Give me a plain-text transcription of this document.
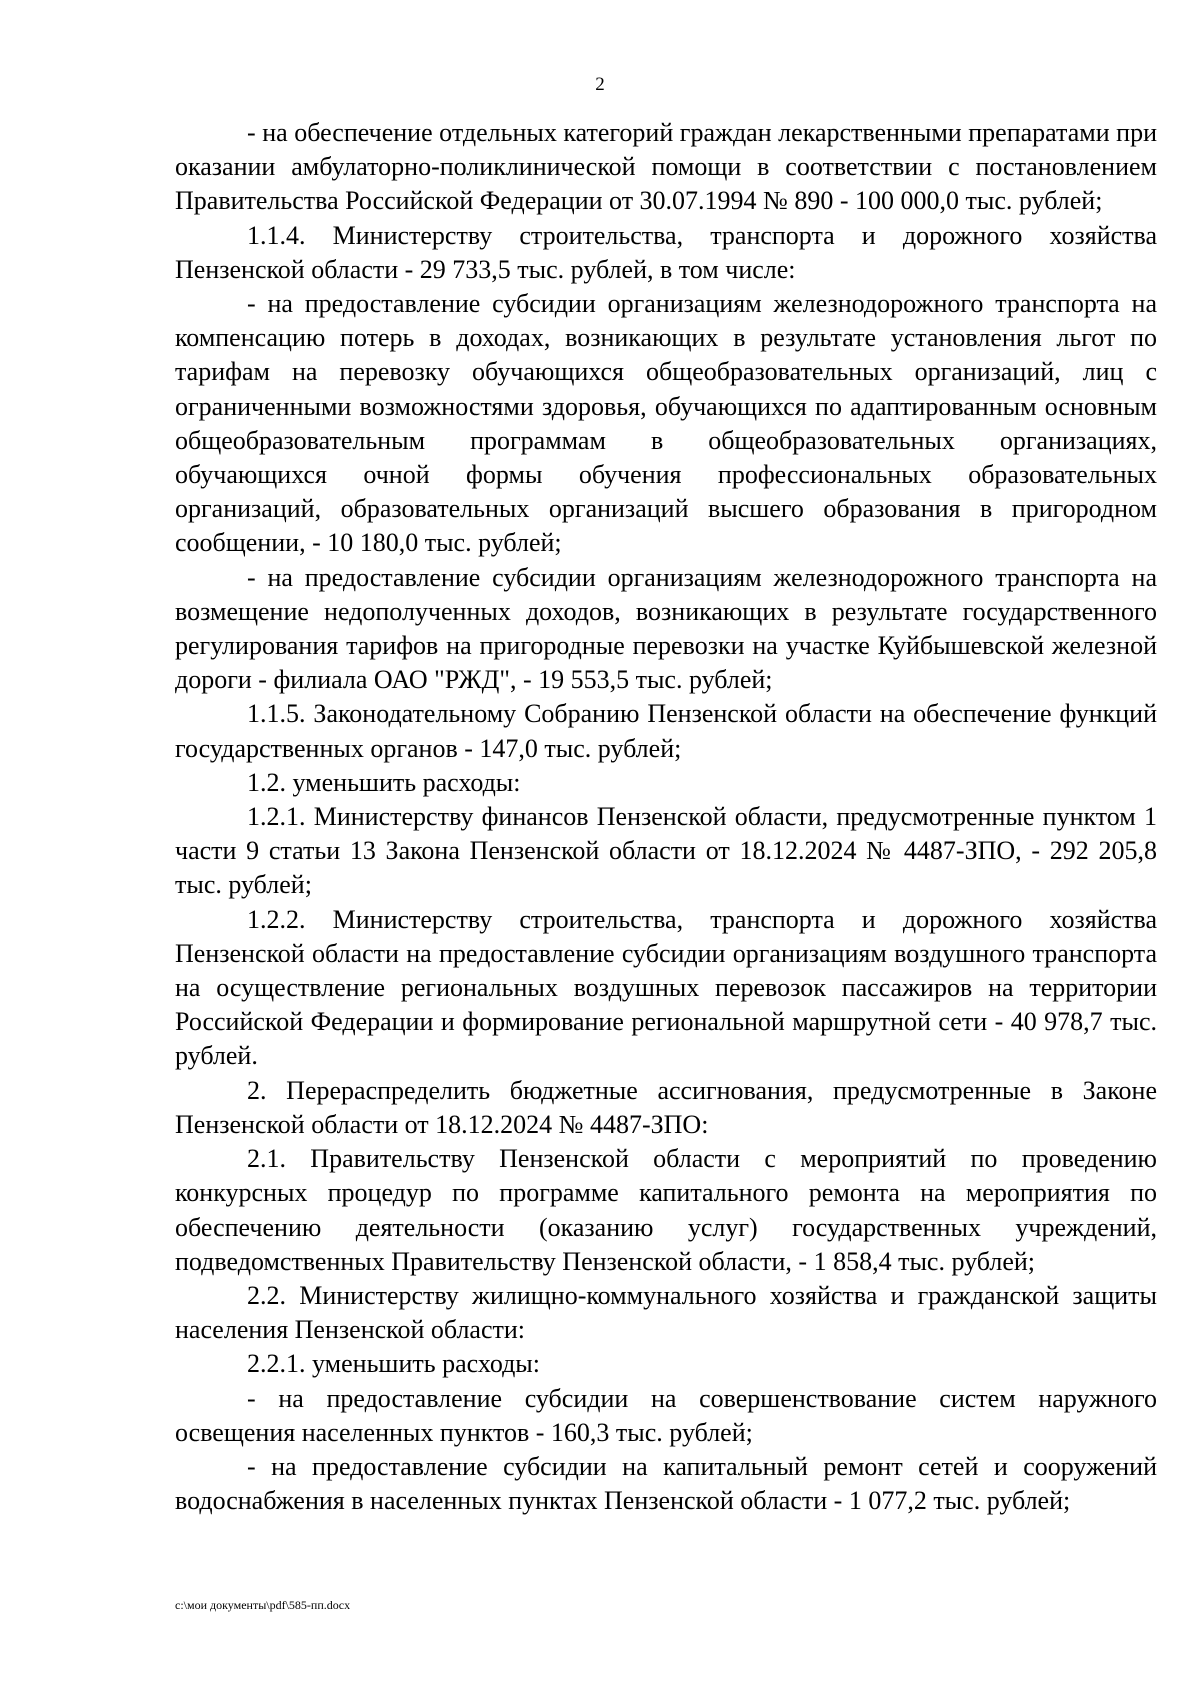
2

- на обеспечение отдельных категорий граждан лекарственными препаратами при оказании амбулаторно-поликлинической помощи в соответствии с постановлением Правительства Российской Федерации от 30.07.1994 № 890 - 100 000,0 тыс. рублей;

1.1.4. Министерству строительства, транспорта и дорожного хозяйства Пензенской области - 29 733,5 тыс. рублей, в том числе:

- на предоставление субсидии организациям железнодорожного транспорта на компенсацию потерь в доходах, возникающих в результате установления льгот по тарифам на перевозку обучающихся общеобразовательных организаций, лиц с ограниченными возможностями здоровья, обучающихся по адаптированным основным общеобразовательным программам в общеобразовательных организациях, обучающихся очной формы обучения профессиональных образовательных организаций, образовательных организаций высшего образования в пригородном сообщении, - 10 180,0 тыс. рублей;

- на предоставление субсидии организациям железнодорожного транспорта на возмещение недополученных доходов, возникающих в результате государственного регулирования тарифов на пригородные перевозки на участке Куйбышевской железной дороги - филиала ОАО "РЖД", - 19 553,5 тыс. рублей;

1.1.5. Законодательному Собранию Пензенской области на обеспечение функций государственных органов - 147,0 тыс. рублей;

1.2. уменьшить расходы:

1.2.1. Министерству финансов Пензенской области, предусмотренные пунктом 1 части 9 статьи 13 Закона Пензенской области от 18.12.2024 № 4487-ЗПО, - 292 205,8 тыс. рублей;

1.2.2. Министерству строительства, транспорта и дорожного хозяйства Пензенской области на предоставление субсидии организациям воздушного транспорта на осуществление региональных воздушных перевозок пассажиров на территории Российской Федерации и формирование региональной маршрутной сети - 40 978,7 тыс. рублей.

2. Перераспределить бюджетные ассигнования, предусмотренные в Законе Пензенской области от 18.12.2024 № 4487-ЗПО:

2.1. Правительству Пензенской области с мероприятий по проведению конкурсных процедур по программе капитального ремонта на мероприятия по обеспечению деятельности (оказанию услуг) государственных учреждений, подведомственных Правительству Пензенской области, - 1 858,4 тыс. рублей;

2.2. Министерству жилищно-коммунального хозяйства и гражданской защиты населения Пензенской области:

2.2.1. уменьшить расходы:

- на предоставление субсидии на совершенствование систем наружного освещения населенных пунктов - 160,3 тыс. рублей;

- на предоставление субсидии на капитальный ремонт сетей и сооружений водоснабжения в населенных пунктах Пензенской области - 1 077,2 тыс. рублей;

c:\мои документы\pdf\585-пп.docx
